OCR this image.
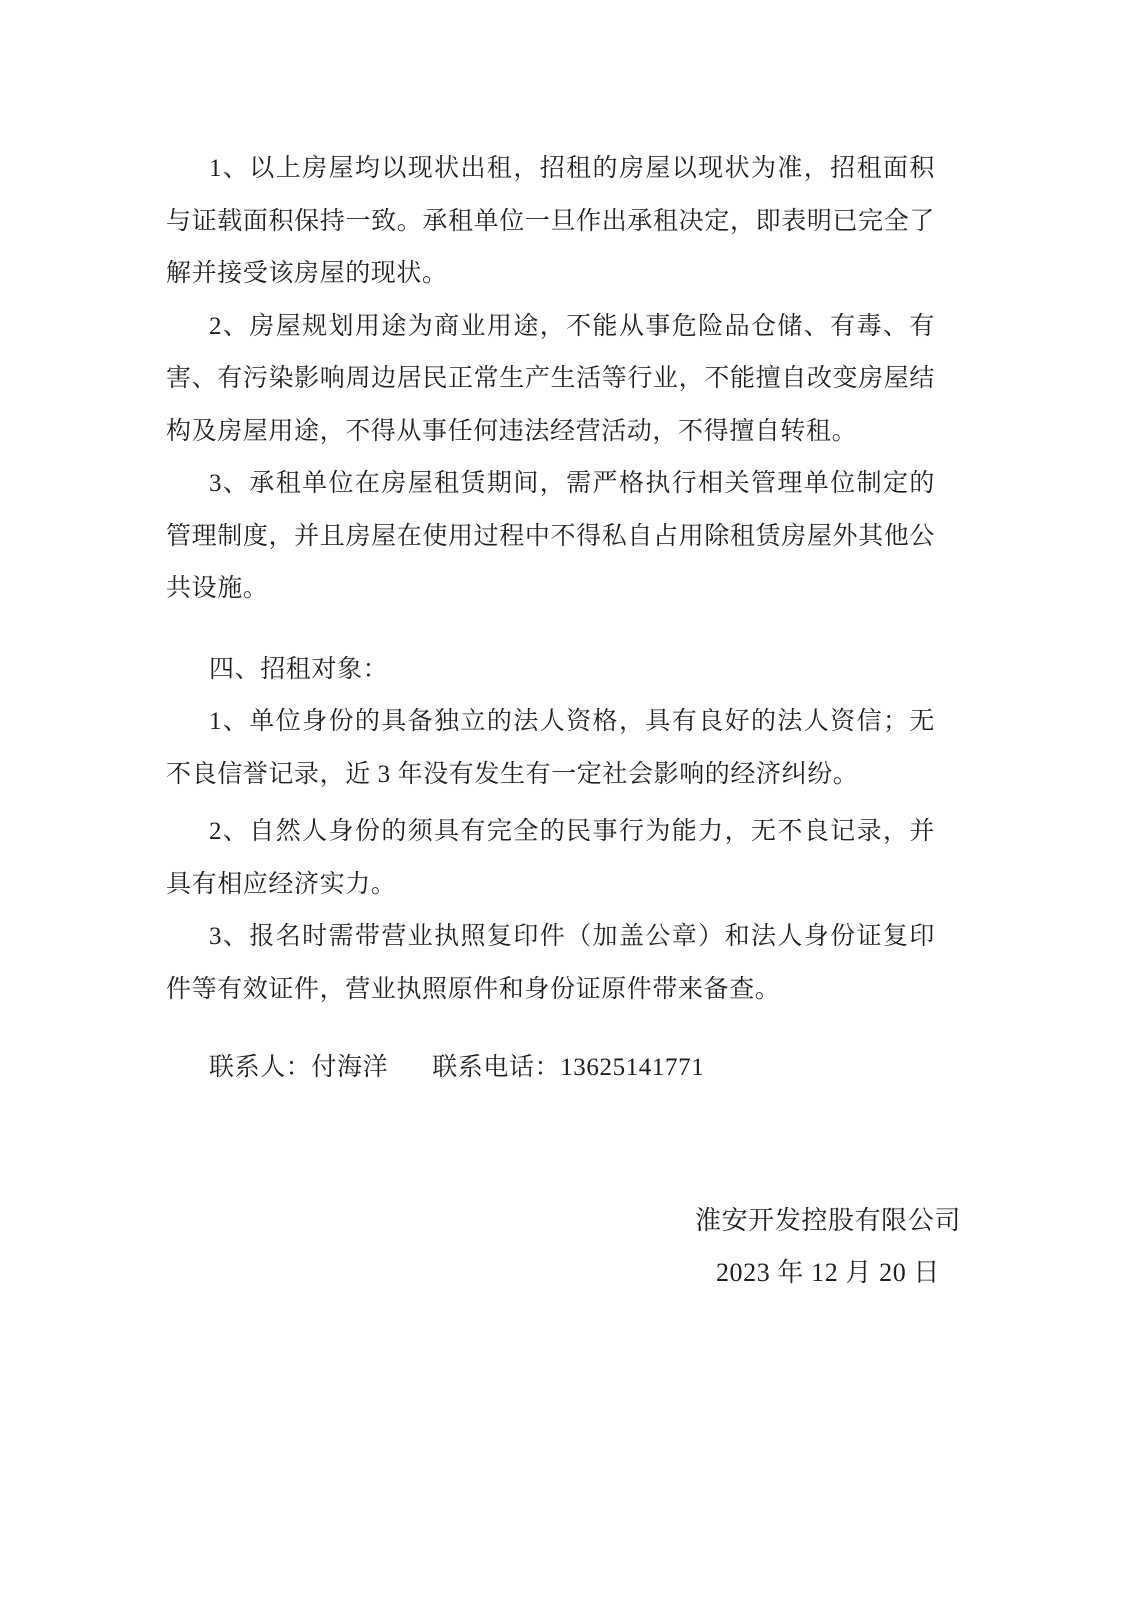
1、以上房屋均以现状出租，招租的房屋以现状为准，招租面积与证载面积保持一致。承租单位一旦作出承租决定，即表明已完全了解并接受该房屋的现状。

2、房屋规划用途为商业用途，不能从事危险品仓储、有毒、有害、有污染影响周边居民正常生产生活等行业，不能擅自改变房屋结构及房屋用途，不得从事任何违法经营活动，不得擅自转租。

3、承租单位在房屋租赁期间，需严格执行相关管理单位制定的管理制度，并且房屋在使用过程中不得私自占用除租赁房屋外其他公共设施。

四、招租对象：

1、单位身份的具备独立的法人资格，具有良好的法人资信；无不良信誉记录，近 3 年没有发生有一定社会影响的经济纠纷。

2、自然人身份的须具有完全的民事行为能力，无不良记录，并具有相应经济实力。

3、报名时需带营业执照复印件（加盖公章）和法人身份证复印件等有效证件，营业执照原件和身份证原件带来备查。

联系人：付海洋 联系电话：13625141771

淮安开发控股有限公司

2023 年 12 月 20 日
